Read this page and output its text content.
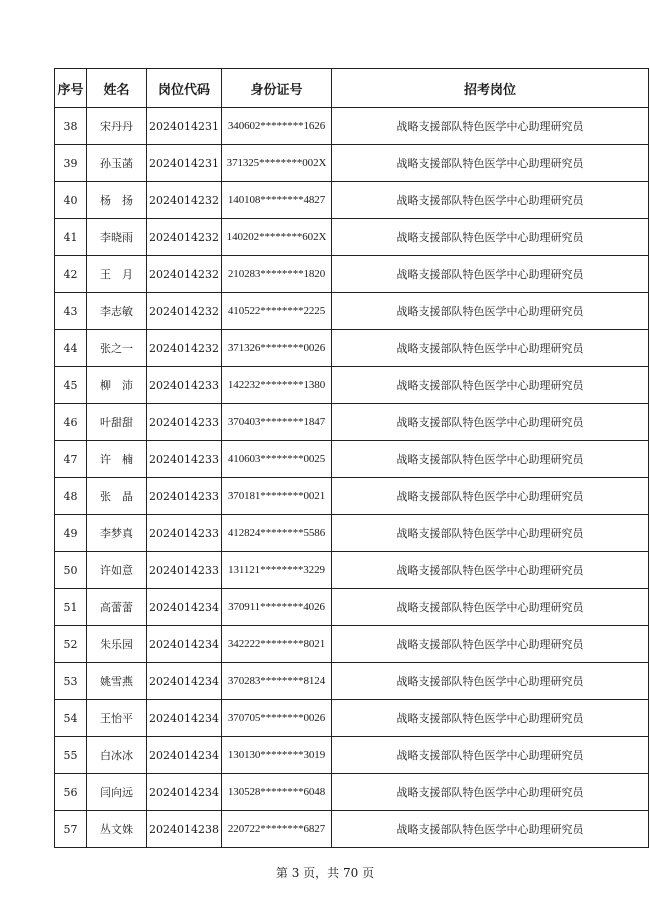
序号	姓名	岗位代码	身份证号	招考岗位
38	宋丹丹	2024014231	340602********1626	战略支援部队特色医学中心助理研究员
39	孙玉菡	2024014231	371325********002X	战略支援部队特色医学中心助理研究员
40	杨　扬	2024014232	140108********4827	战略支援部队特色医学中心助理研究员
41	李晓雨	2024014232	140202********602X	战略支援部队特色医学中心助理研究员
42	王　月	2024014232	210283********1820	战略支援部队特色医学中心助理研究员
43	李志敏	2024014232	410522********2225	战略支援部队特色医学中心助理研究员
44	张之一	2024014232	371326********0026	战略支援部队特色医学中心助理研究员
45	柳　沛	2024014233	142232********1380	战略支援部队特色医学中心助理研究员
46	叶甜甜	2024014233	370403********1847	战略支援部队特色医学中心助理研究员
47	许　楠	2024014233	410603********0025	战略支援部队特色医学中心助理研究员
48	张　晶	2024014233	370181********0021	战略支援部队特色医学中心助理研究员
49	李梦真	2024014233	412824********5586	战略支援部队特色医学中心助理研究员
50	许如意	2024014233	131121********3229	战略支援部队特色医学中心助理研究员
51	高蕾蕾	2024014234	370911********4026	战略支援部队特色医学中心助理研究员
52	朱乐园	2024014234	342222********8021	战略支援部队特色医学中心助理研究员
53	姚雪燕	2024014234	370283********8124	战略支援部队特色医学中心助理研究员
54	王怡平	2024014234	370705********0026	战略支援部队特色医学中心助理研究员
55	白冰冰	2024014234	130130********3019	战略支援部队特色医学中心助理研究员
56	闫向远	2024014234	130528********6048	战略支援部队特色医学中心助理研究员
57	丛文姝	2024014238	220722********6827	战略支援部队特色医学中心助理研究员
第 3 页，共 70 页
